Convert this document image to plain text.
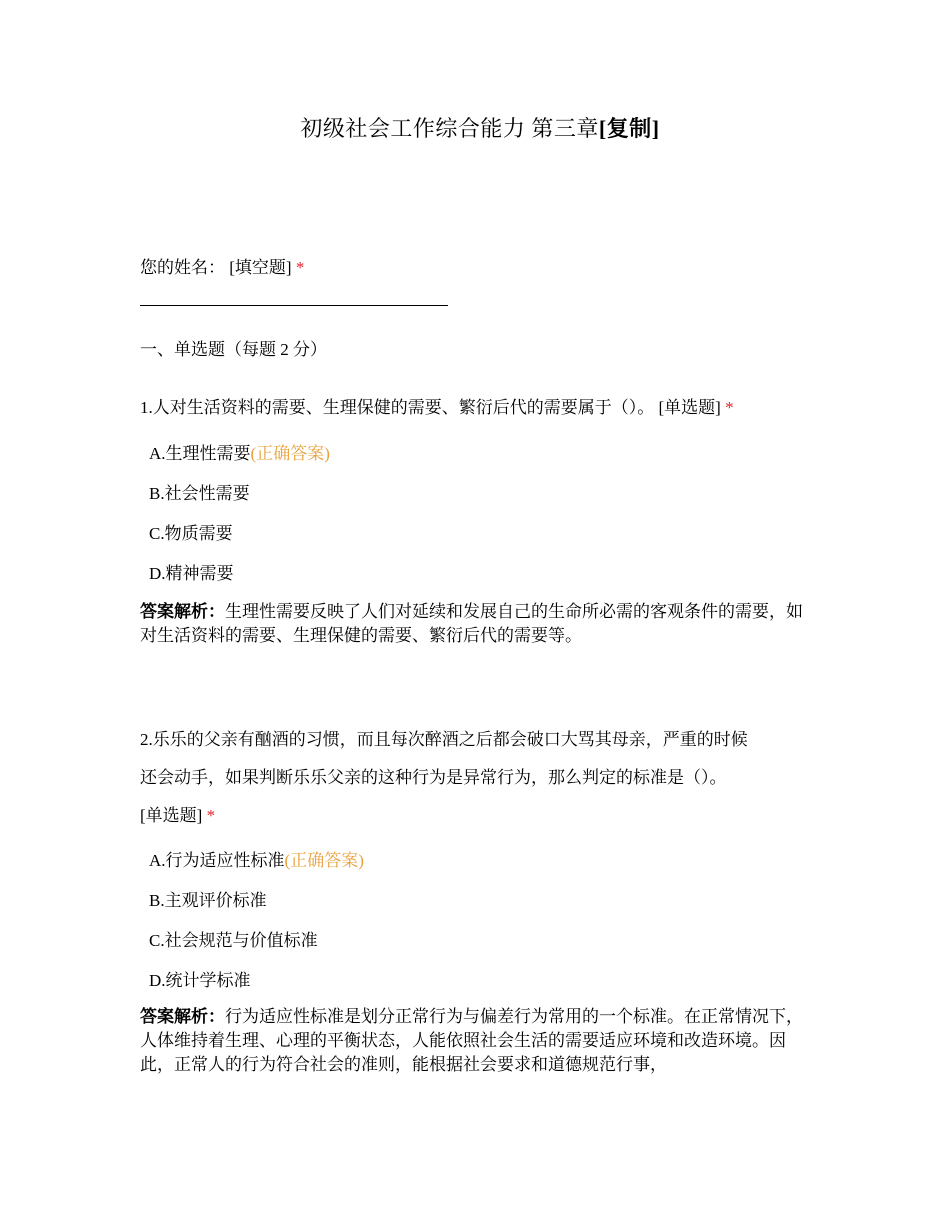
初级社会工作综合能力 第三章[复制]
您的姓名： [填空题] *
一、单选题（每题 2 分）
1.人对生活资料的需要、生理保健的需要、繁衍后代的需要属于（）。 [单选题] *
A.生理性需要(正确答案)
B.社会性需要
C.物质需要
D.精神需要
答案解析：生理性需要反映了人们对延续和发展自己的生命所必需的客观条件的需要，如对生活资料的需要、生理保健的需要、繁衍后代的需要等。
2.乐乐的父亲有酗酒的习惯，而且每次醉酒之后都会破口大骂其母亲，严重的时候
还会动手，如果判断乐乐父亲的这种行为是异常行为，那么判定的标准是（）。
[单选题] *
A.行为适应性标准(正确答案)
B.主观评价标准
C.社会规范与价值标准
D.统计学标准
答案解析：行为适应性标准是划分正常行为与偏差行为常用的一个标准。在正常情况下，人体维持着生理、心理的平衡状态，人能依照社会生活的需要适应环境和改造环境。因此，正常人的行为符合社会的准则，能根据社会要求和道德规范行事，
